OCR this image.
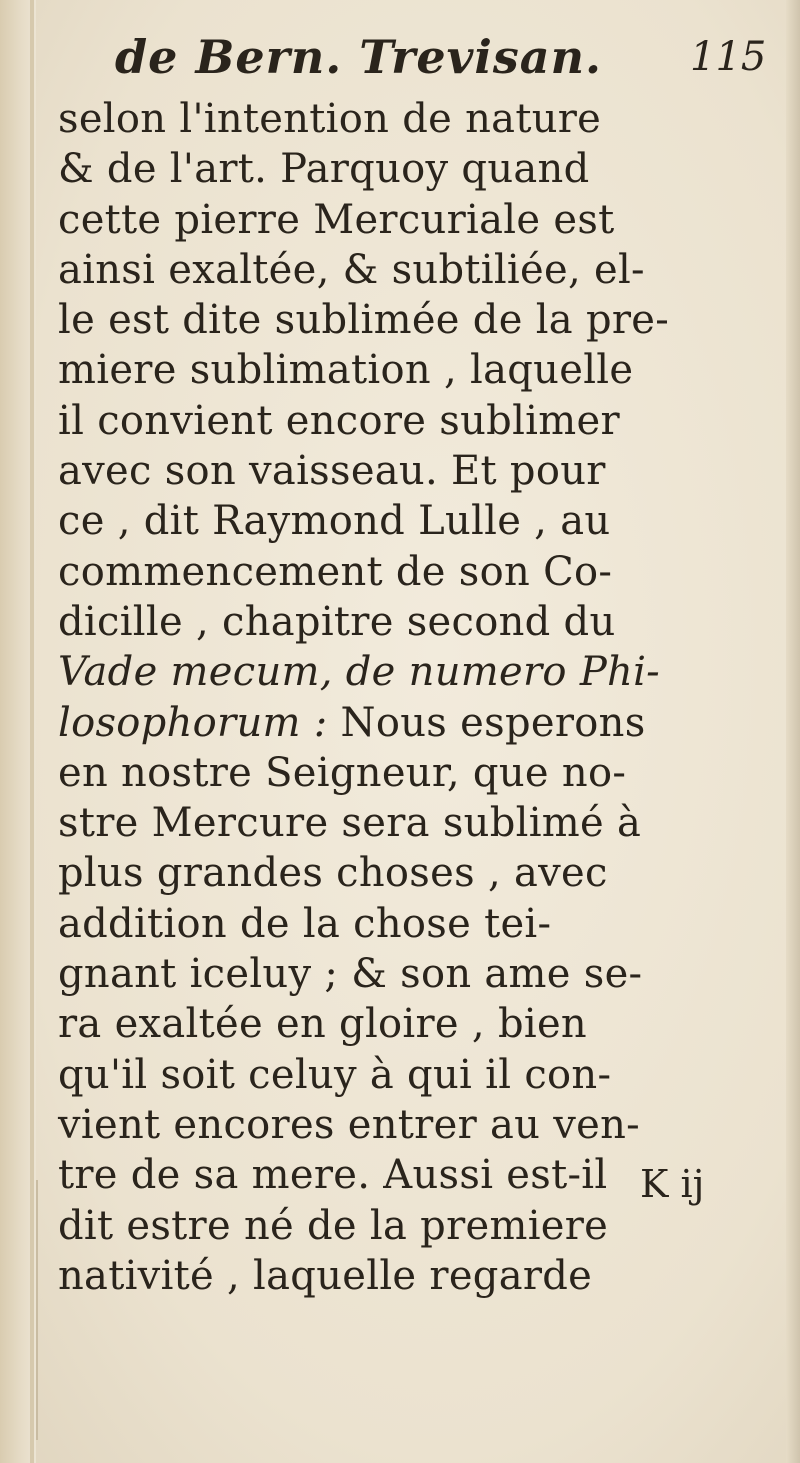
de Bern. Trevisan. 115
selon l'intention de nature
& de l'art. Parquoy quand
cette pierre Mercuriale est
ainsi exaltée, & subtiliée, el-
le est dite sublimée de la pre-
miere sublimation , laquelle
il convient encore sublimer
avec son vaisseau. Et pour
ce , dit Raymond Lulle , au
commencement de son Co-
dicille , chapitre second du
Vade mecum, de numero Phi-
losophorum : Nous esperons
en nostre Seigneur, que no-
stre Mercure sera sublimé à
plus grandes choses , avec
addition de la chose tei-
gnant iceluy ; & son ame se-
ra exaltée en gloire , bien
qu'il soit celuy à qui il con-
vient encores entrer au ven-
tre de sa mere. Aussi est-il
dit estre né de la premiere
nativité , laquelle regarde
K ij
